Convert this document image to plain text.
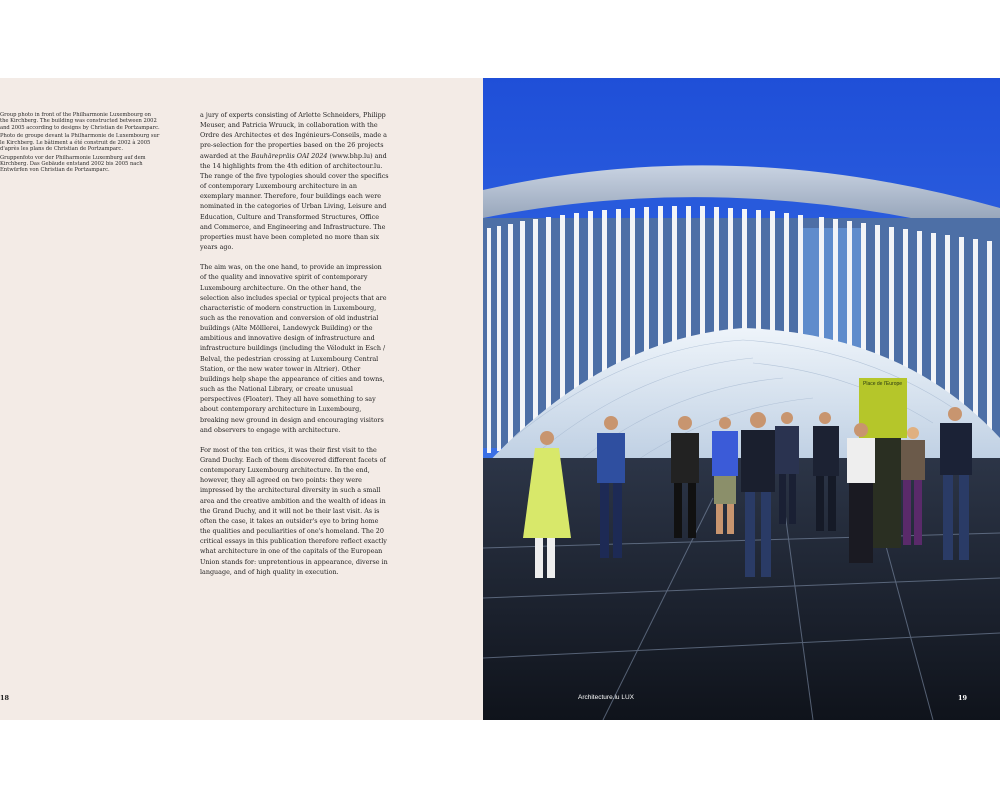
Group photo in front of the Philharmonie Luxembourg on the Kirchberg. The building was constructed between 2002 and 2005 according to designs by Christian de Portzamparc.

Photo de groupe devant la Philharmonie de Luxembourg sur le Kirchberg. Le bâtiment a été construit de 2002 à 2005 d'après les plans de Christian de Portzamparc.

Gruppenfoto vor der Philharmonie Luxemburg auf dem Kirchberg. Das Gebäude entstand 2002 bis 2005 nach Entwürfen von Christian de Portzamparc.

a jury of experts consisting of Arlette Schneiders, Philipp Meuser, and Patricia Wruuck, in collaboration with the Ordre des Architectes et des Ingénieurs-Conseils, made a pre-selection for the properties based on the 26 projects awarded at the Bauhärepräis OAI 2024 (www.bhp.lu) and the 14 highlights from the 4th edition of architectour.lu. The range of the five typologies should cover the specifics of contemporary Luxembourg architecture in an exemplary manner. Therefore, four buildings each were nominated in the categories of Urban Living, Leisure and Education, Culture and Transformed Structures, Office and Commerce, and Engineering and Infrastructure. The properties must have been completed no more than six years ago.

The aim was, on the one hand, to provide an impression of the quality and innovative spirit of contemporary Luxembourg architecture. On the other hand, the selection also includes special or typical projects that are characteristic of modern construction in Luxembourg, such as the renovation and conversion of old industrial buildings (Alte Mölllerei, Landewyck Building) or the ambitious and innovative design of infrastructure and infrastructure buildings (including the Vélodukt in Esch / Belval, the pedestrian crossing at Luxembourg Central Station, or the new water tower in Altrier). Other buildings help shape the appearance of cities and towns, such as the National Library, or create unusual perspectives (Floater). They all have something to say about contemporary architecture in Luxembourg, breaking new ground in design and encouraging visitors and observers to engage with architecture.

For most of the ten critics, it was their first visit to the Grand Duchy. Each of them discovered different facets of contemporary Luxembourg architecture. In the end, however, they all agreed on two points: they were impressed by the architectural diversity in such a small area and the creative ambition and the wealth of ideas in the Grand Duchy, and it will not be their last visit. As is often the case, it takes an outsider's eye to bring home the qualities and peculiarities of one's homeland. The 20 critical essays in this publication therefore reflect exactly what architecture in one of the capitals of the European Union stands for: unpretentious in appearance, diverse in language, and of high quality in execution.

18
Place de l'Europe
Architecture.lu LUX	19
